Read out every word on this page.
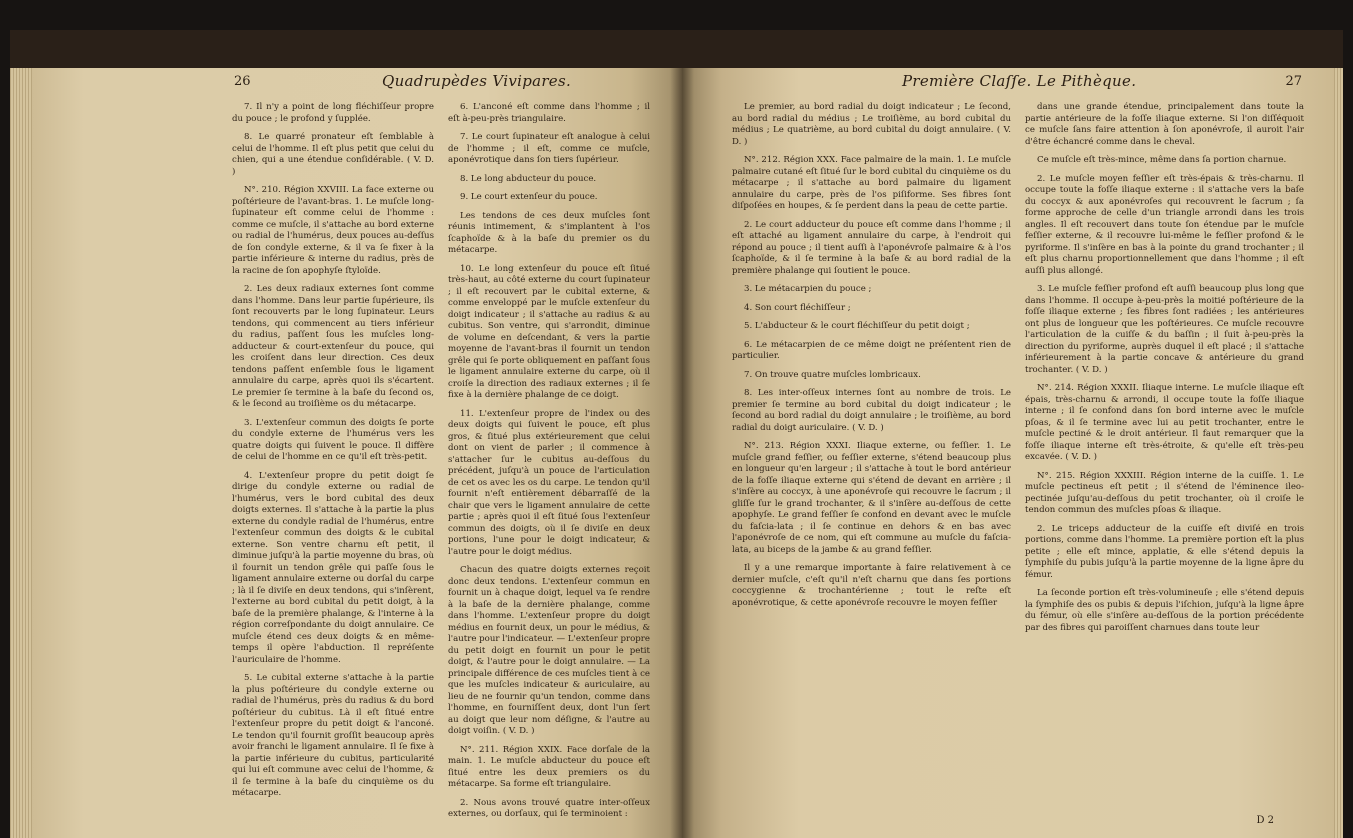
26	Quadrupèdes Vivipares.

7. Il n'y a point de long fléchiſſeur propre du pouce ; le profond y ſupplée.

8. Le quarré pronateur eſt ſemblable à celui de l'homme. Il eſt plus petit que celui du chien, qui a une étendue conſidérable. ( V. D. )

N°. 210. Région XXVIII. La face externe ou poſtérieure de l'avant-bras. 1. Le muſcle long-ſupinateur eſt comme celui de l'homme : comme ce muſcle, il s'attache au bord externe ou radial de l'humérus, deux pouces au-deſſus de ſon condyle externe, & il va ſe fixer à la partie inférieure & interne du radius, près de la racine de ſon apophyſe ſtyloïde.

2. Les deux radiaux externes ſont comme dans l'homme. Dans leur partie ſupérieure, ils ſont recouverts par le long ſupinateur. Leurs tendons, qui commencent au tiers inférieur du radius, paſſent ſous les muſcles long-adducteur & court-extenſeur du pouce, qui les croiſent dans leur direction. Ces deux tendons paſſent enſemble ſous le ligament annulaire du carpe, après quoi ils s'écartent. Le premier ſe termine à la baſe du ſecond os, & le ſecond au troiſième os du métacarpe.

3. L'extenſeur commun des doigts ſe porte du condyle externe de l'humérus vers les quatre doigts qui ſuivent le pouce. Il diffère de celui de l'homme en ce qu'il eſt très-petit.

4. L'extenſeur propre du petit doigt ſe dirige du condyle externe ou radial de l'humérus, vers le bord cubital des deux doigts externes. Il s'attache à la partie la plus externe du condyle radial de l'humérus, entre l'extenſeur commun des doigts & le cubital externe. Son ventre charnu eſt petit, il diminue juſqu'à la partie moyenne du bras, où il fournit un tendon grêle qui paſſe ſous le ligament annulaire externe ou dorſal du carpe ; là il ſe diviſe en deux tendons, qui s'inſèrent, l'externe au bord cubital du petit doigt, à la baſe de la première phalange, & l'interne à la région correſpondante du doigt annulaire. Ce muſcle étend ces deux doigts & en même-temps il opère l'abduction. Il repréſente l'auriculaire de l'homme.

5. Le cubital externe s'attache à la partie la plus poſtérieure du condyle externe ou radial de l'humérus, près du radius & du bord poſtérieur du cubitus. Là il eſt ſitué entre l'extenſeur propre du petit doigt & l'anconé. Le tendon qu'il fournit groſſit beaucoup après avoir franchi le ligament annulaire. Il ſe fixe à la partie inférieure du cubitus, particularité qui lui eſt commune avec celui de l'homme, & il ſe termine à la baſe du cinquième os du métacarpe.

6. L'anconé eſt comme dans l'homme ; il eſt à-peu-près triangulaire.

7. Le court ſupinateur eſt analogue à celui de l'homme ; il eſt, comme ce muſcle, aponévrotique dans ſon tiers ſupérieur.

8. Le long abducteur du pouce.

9. Le court extenſeur du pouce.

Les tendons de ces deux muſcles ſont réunis intimement, & s'implantent à l'os ſcaphoïde & à la baſe du premier os du métacarpe.

10. Le long extenſeur du pouce eſt ſitué très-haut, au côté externe du court ſupinateur ; il eſt recouvert par le cubital externe, & comme enveloppé par le muſcle extenſeur du doigt indicateur ; il s'attache au radius & au cubitus. Son ventre, qui s'arrondit, diminue de volume en deſcendant, & vers la partie moyenne de l'avant-bras il fournit un tendon grêle qui ſe porte obliquement en paſſant ſous le ligament annulaire externe du carpe, où il croiſe la direction des radiaux externes ; il ſe fixe à la dernière phalange de ce doigt.

11. L'extenſeur propre de l'index ou des deux doigts qui ſuivent le pouce, eſt plus gros, & ſitué plus extérieurement que celui dont on vient de parler ; il commence à s'attacher ſur le cubitus au-deſſous du précédent, juſqu'à un pouce de l'articulation de cet os avec les os du carpe. Le tendon qu'il fournit n'eſt entièrement débarraſſé de la chair que vers le ligament annulaire de cette partie ; après quoi il eſt ſitué ſous l'extenſeur commun des doigts, où il ſe diviſe en deux portions, l'une pour le doigt indicateur, & l'autre pour le doigt médius.

Chacun des quatre doigts externes reçoit donc deux tendons. L'extenſeur commun en fournit un à chaque doigt, lequel va ſe rendre à la baſe de la dernière phalange, comme dans l'homme. L'extenſeur propre du doigt médius en fournit deux, un pour le médius, & l'autre pour l'indicateur. — L'extenſeur propre du petit doigt en fournit un pour le petit doigt, & l'autre pour le doigt annulaire. — La principale différence de ces muſcles tient à ce que les muſcles indicateur & auriculaire, au lieu de ne fournir qu'un tendon, comme dans l'homme, en fourniſſent deux, dont l'un ſert au doigt que leur nom déſigne, & l'autre au doigt voiſin. ( V. D. )

N°. 211. Région XXIX. Face dorſale de la main. 1. Le muſcle abducteur du pouce eſt ſitué entre les deux premiers os du métacarpe. Sa forme eſt triangulaire.

2. Nous avons trouvé quatre inter-oſſeux externes, ou dorſaux, qui ſe terminoient :

Première Claſſe. Le Pithèque.	27

Le premier, au bord radial du doigt indicateur ; Le ſecond, au bord radial du médius ; Le troiſième, au bord cubital du médius ; Le quatrième, au bord cubital du doigt annulaire. ( V. D. )

N°. 212. Région XXX. Face palmaire de la main. 1. Le muſcle palmaire cutané eſt ſitué ſur le bord cubital du cinquième os du métacarpe ; il s'attache au bord palmaire du ligament annulaire du carpe, près de l'os piſiforme. Ses fibres ſont diſpoſées en houpes, & ſe perdent dans la peau de cette partie.

2. Le court adducteur du pouce eſt comme dans l'homme ; il eſt attaché au ligament annulaire du carpe, à l'endroit qui répond au pouce ; il tient auſſi à l'aponévroſe palmaire & à l'os ſcaphoïde, & il ſe termine à la baſe & au bord radial de la première phalange qui ſoutient le pouce.

3. Le métacarpien du pouce ;

4. Son court fléchiſſeur ;

5. L'abducteur & le court fléchiſſeur du petit doigt ;

6. Le métacarpien de ce même doigt ne préſentent rien de particulier.

7. On trouve quatre muſcles lombricaux.

8. Les inter-oſſeux internes ſont au nombre de trois. Le premier ſe termine au bord cubital du doigt indicateur ; le ſecond au bord radial du doigt annulaire ; le troiſième, au bord radial du doigt auriculaire. ( V. D. )

N°. 213. Région XXXI. Iliaque externe, ou feſſier. 1. Le muſcle grand feſſier, ou feſſier externe, s'étend beaucoup plus en longueur qu'en largeur ; il s'attache à tout le bord antérieur de la foſſe iliaque externe qui s'étend de devant en arrière ; il s'inſère au coccyx, à une aponévroſe qui recouvre le ſacrum ; il gliſſe ſur le grand trochanter, & il s'inſère au-deſſous de cette apophyſe. Le grand feſſier ſe confond en devant avec le muſcle du faſcia-lata ; il ſe continue en dehors & en bas avec l'aponévroſe de ce nom, qui eſt commune au muſcle du faſcia-lata, au biceps de la jambe & au grand feſſier.

Il y a une remarque importante à faire relativement à ce dernier muſcle, c'eſt qu'il n'eſt charnu que dans ſes portions coccygienne & trochantérienne ; tout le reſte eſt aponévrotique, & cette aponévroſe recouvre le moyen feſſier

dans une grande étendue, principalement dans toute la partie antérieure de la foſſe iliaque externe. Si l'on diſſéquoit ce muſcle ſans faire attention à ſon aponévroſe, il auroit l'air d'être échancré comme dans le cheval.

Ce muſcle eſt très-mince, même dans ſa portion charnue.

2. Le muſcle moyen feſſier eſt très-épais & très-charnu. Il occupe toute la foſſe iliaque externe : il s'attache vers la baſe du coccyx & aux aponévroſes qui recouvrent le ſacrum ; ſa forme approche de celle d'un triangle arrondi dans les trois angles. Il eſt recouvert dans toute ſon étendue par le muſcle feſſier externe, & il recouvre lui-même le feſſier profond & le pyriforme. Il s'inſère en bas à la pointe du grand trochanter ; il eſt plus charnu proportionnellement que dans l'homme ; il eſt auſſi plus allongé.

3. Le muſcle feſſier profond eſt auſſi beaucoup plus long que dans l'homme. Il occupe à-peu-près la moitié poſtérieure de la foſſe iliaque externe ; ſes fibres ſont radiées ; les antérieures ont plus de longueur que les poſtérieures. Ce muſcle recouvre l'articulation de la cuiſſe & du baſſin ; il ſuit à-peu-près la direction du pyriforme, auprès duquel il eſt placé ; il s'attache inférieurement à la partie concave & antérieure du grand trochanter. ( V. D. )

N°. 214. Région XXXII. Iliaque interne. Le muſcle iliaque eſt épais, très-charnu & arrondi, il occupe toute la foſſe iliaque interne ; il ſe confond dans ſon bord interne avec le muſcle pſoas, & il ſe termine avec lui au petit trochanter, entre le muſcle pectiné & le droit antérieur. Il faut remarquer que la foſſe iliaque interne eſt très-étroite, & qu'elle eſt très-peu excavée. ( V. D. )

N°. 215. Région XXXIII. Région interne de la cuiſſe. 1. Le muſcle pectineus eſt petit ; il s'étend de l'éminence ileo-pectinée juſqu'au-deſſous du petit trochanter, où il croiſe le tendon commun des muſcles pſoas & iliaque.

2. Le triceps adducteur de la cuiſſe eſt diviſé en trois portions, comme dans l'homme. La première portion eſt la plus petite ; elle eſt mince, applatie, & elle s'étend depuis la ſymphiſe du pubis juſqu'à la partie moyenne de la ligne âpre du fémur.

La ſeconde portion eſt très-volumineuſe ; elle s'étend depuis la ſymphiſe des os pubis & depuis l'iſchion, juſqu'à la ligne âpre du fémur, où elle s'inſère au-deſſous de la portion précédente par des fibres qui paroiſſent charnues dans toute leur

D 2
